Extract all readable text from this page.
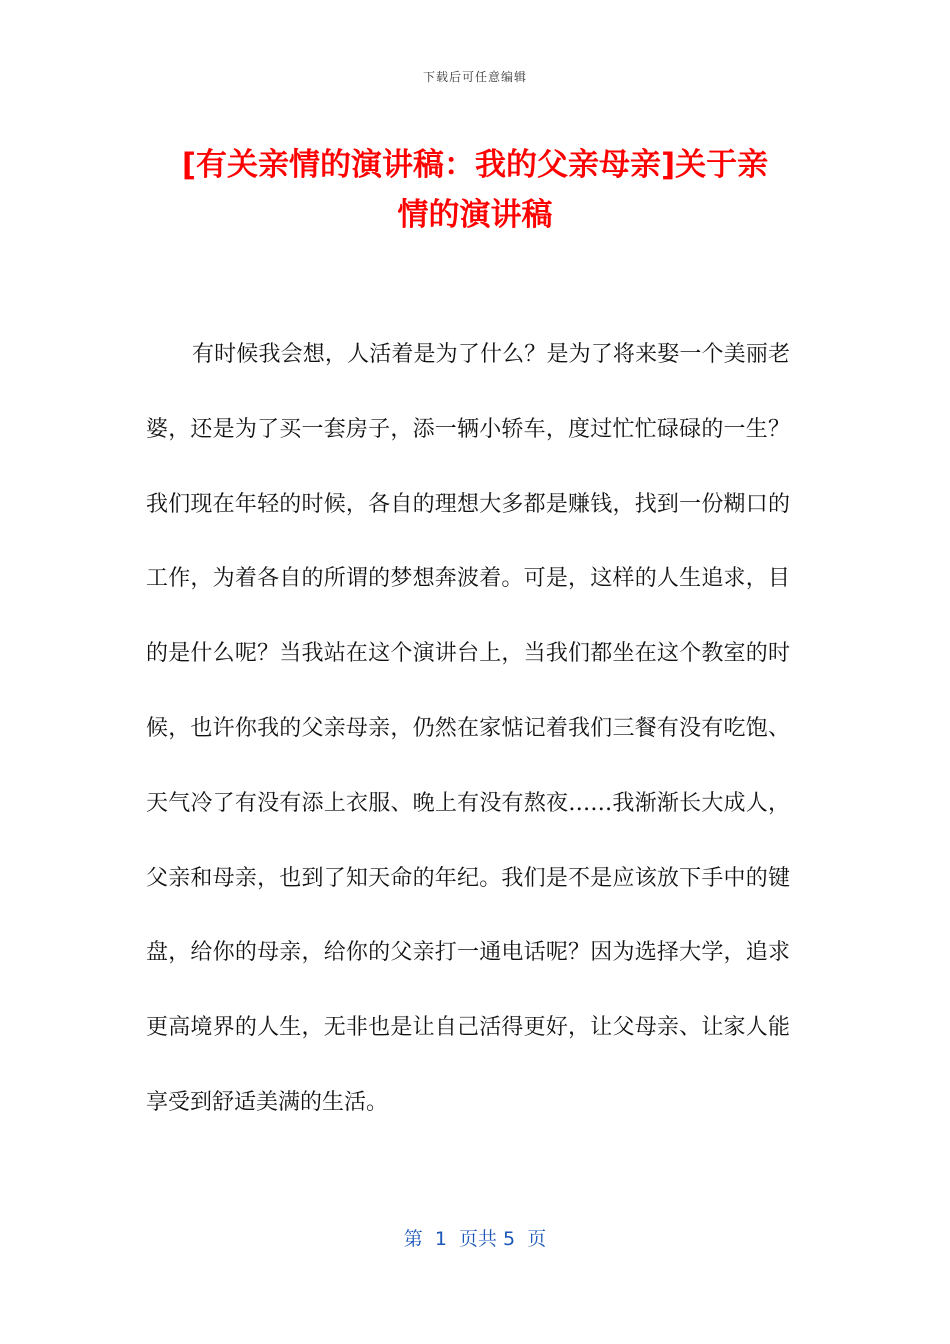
下载后可任意编辑
[有关亲情的演讲稿：我的父亲母亲]关于亲
情的演讲稿

有时候我会想，人活着是为了什么？是为了将来娶一个美丽老婆，还是为了买一套房子，添一辆小轿车，度过忙忙碌碌的一生？我们现在年轻的时候，各自的理想大多都是赚钱，找到一份糊口的工作，为着各自的所谓的梦想奔波着。可是，这样的人生追求，目的是什么呢？当我站在这个演讲台上，当我们都坐在这个教室的时候，也许你我的父亲母亲，仍然在家惦记着我们三餐有没有吃饱、天气冷了有没有添上衣服、晚上有没有熬夜……我渐渐长大成人，父亲和母亲，也到了知天命的年纪。我们是不是应该放下手中的键盘，给你的母亲，给你的父亲打一通电话呢？因为选择大学，追求更高境界的人生，无非也是让自己活得更好，让父母亲、让家人能享受到舒适美满的生活。

第  1  页共 5  页
